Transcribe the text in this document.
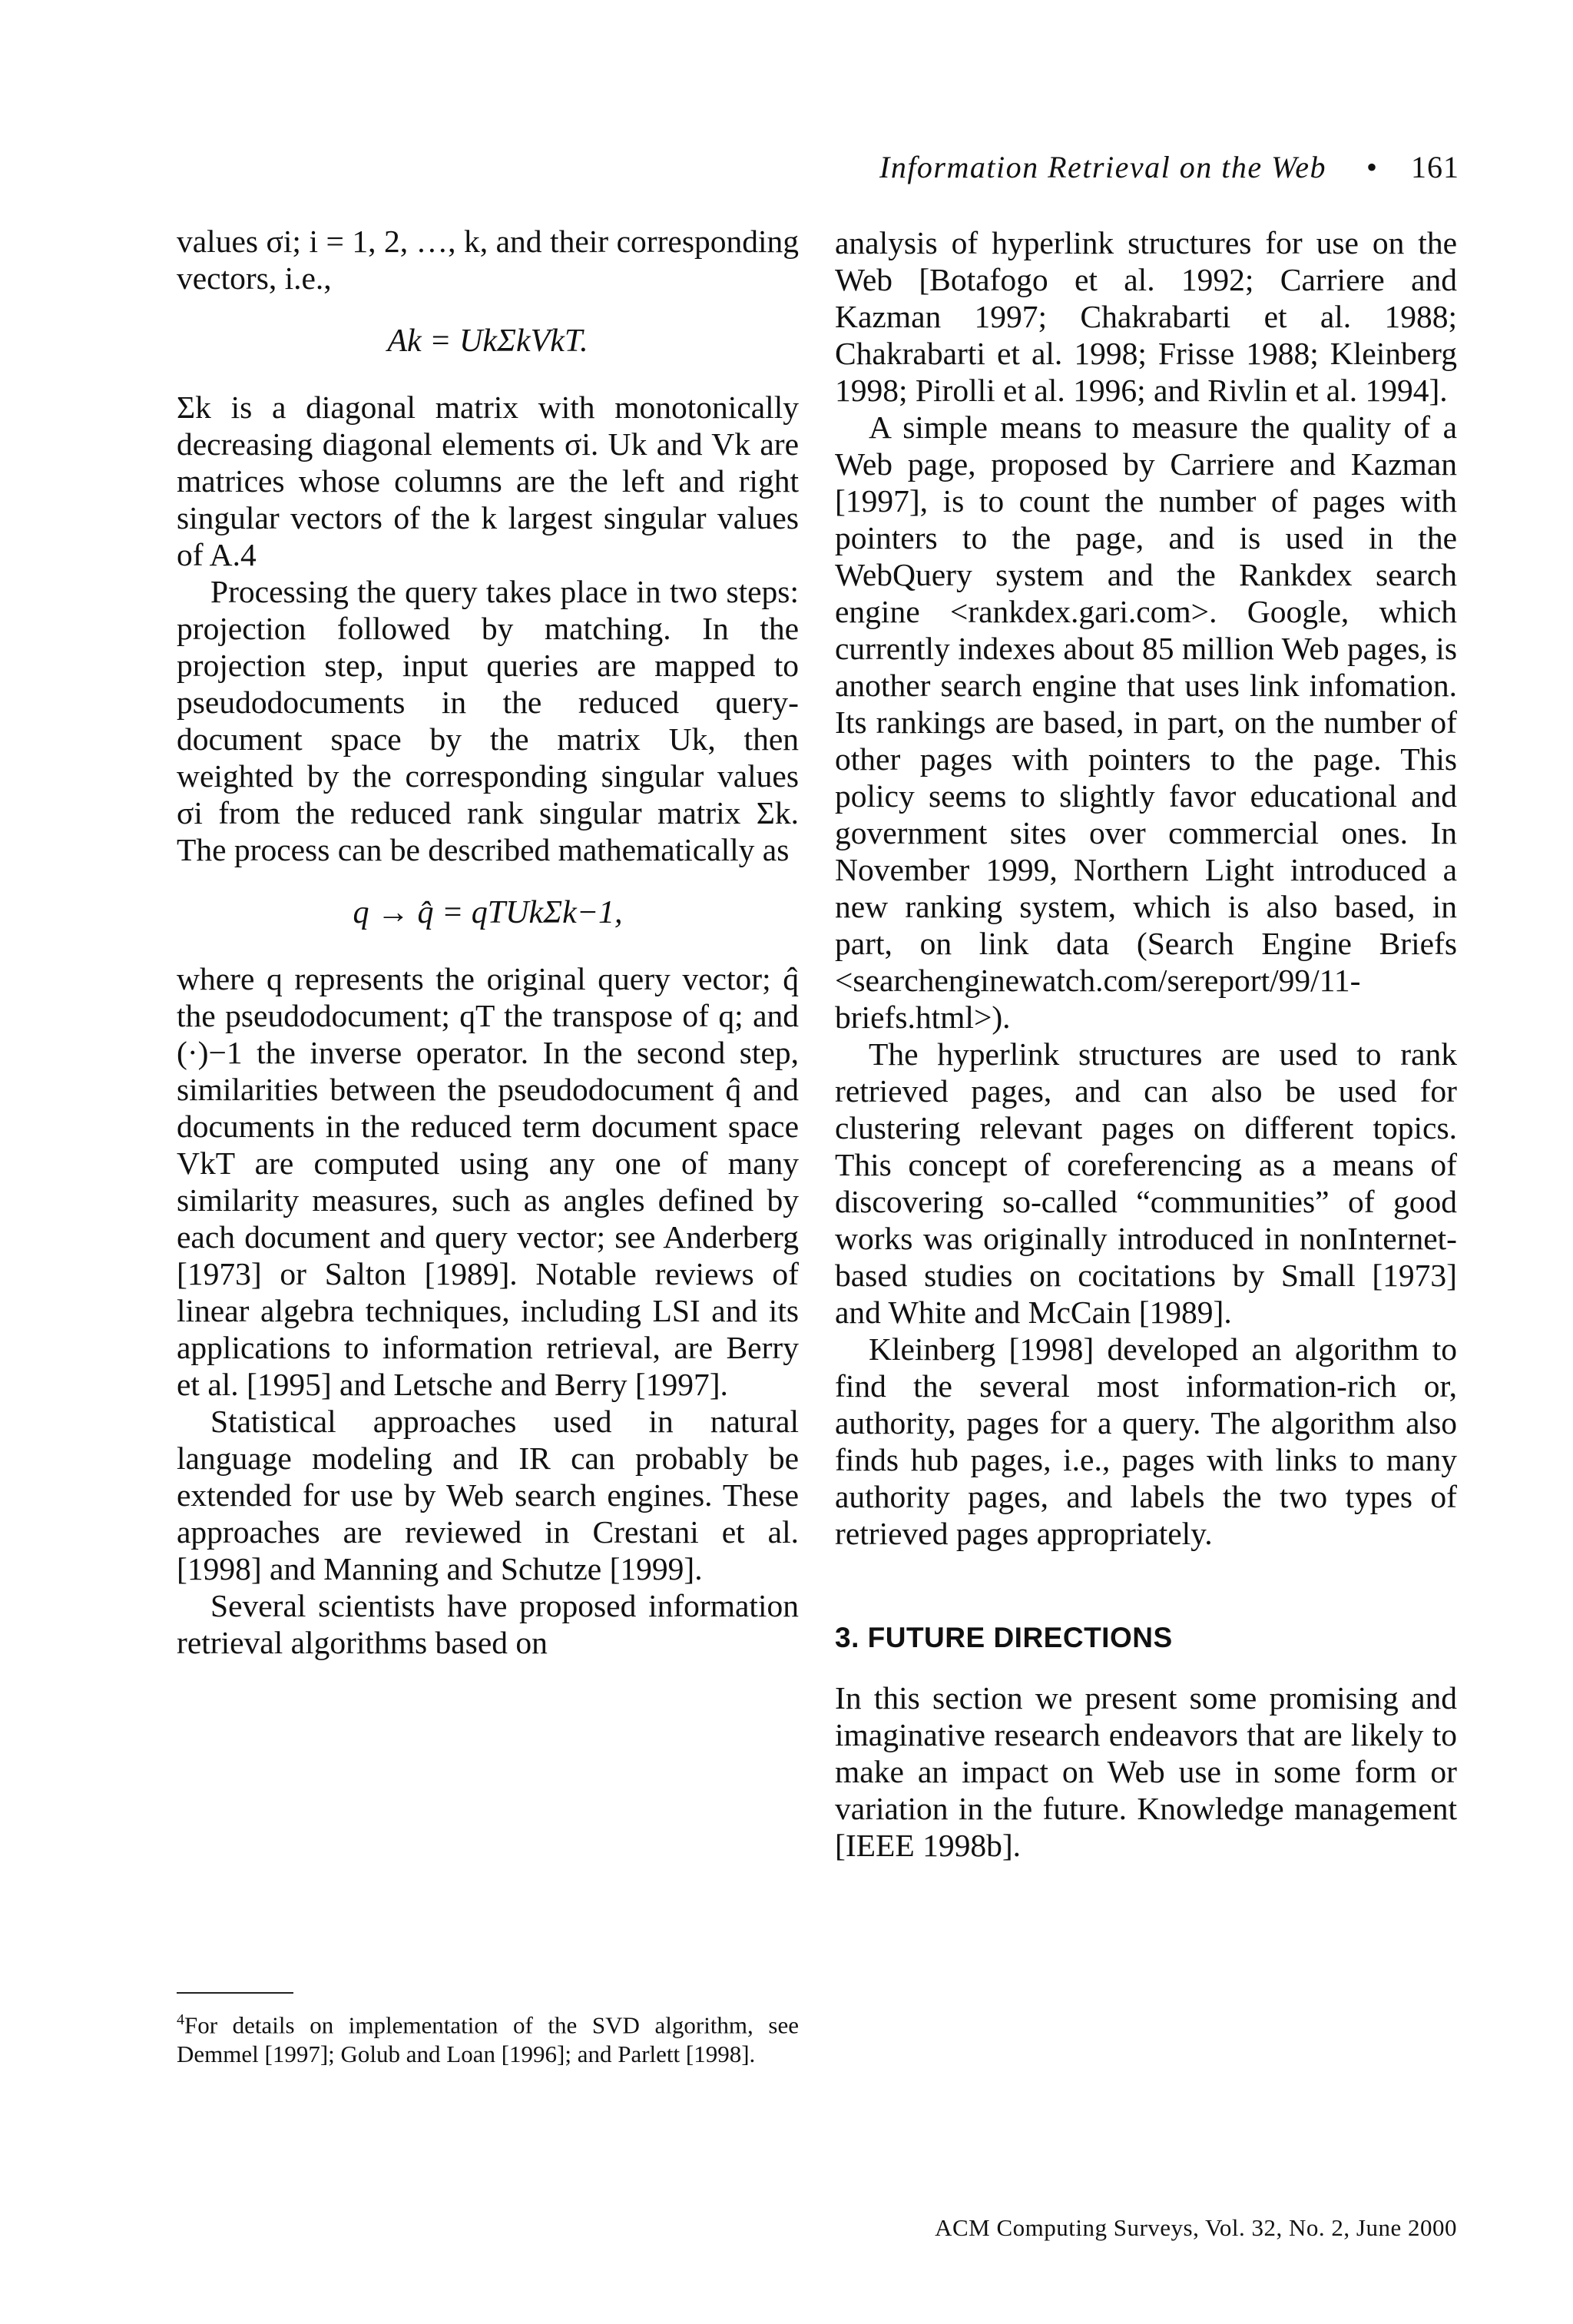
Information Retrieval on the Web • 161

values σi; i = 1, 2, …, k, and their corresponding vectors, i.e.,

Ak = UkΣkVkT.

Σk is a diagonal matrix with monotonically decreasing diagonal elements σi. Uk and Vk are matrices whose columns are the left and right singular vectors of the k largest singular values of A.4

Processing the query takes place in two steps: projection followed by matching. In the projection step, input queries are mapped to pseudodocuments in the reduced query-document space by the matrix Uk, then weighted by the corresponding singular values σi from the reduced rank singular matrix Σk. The process can be described mathematically as

q → q̂ = qTUkΣk−1,

where q represents the original query vector; q̂ the pseudodocument; qT the transpose of q; and (·)−1 the inverse operator. In the second step, similarities between the pseudodocument q̂ and documents in the reduced term document space VkT are computed using any one of many similarity measures, such as angles defined by each document and query vector; see Anderberg [1973] or Salton [1989]. Notable reviews of linear algebra techniques, including LSI and its applications to information retrieval, are Berry et al. [1995] and Letsche and Berry [1997].

Statistical approaches used in natural language modeling and IR can probably be extended for use by Web search engines. These approaches are reviewed in Crestani et al. [1998] and Manning and Schutze [1999].

Several scientists have proposed information retrieval algorithms based on

analysis of hyperlink structures for use on the Web [Botafogo et al. 1992; Carriere and Kazman 1997; Chakrabarti et al. 1988; Chakrabarti et al. 1998; Frisse 1988; Kleinberg 1998; Pirolli et al. 1996; and Rivlin et al. 1994].

A simple means to measure the quality of a Web page, proposed by Carriere and Kazman [1997], is to count the number of pages with pointers to the page, and is used in the WebQuery system and the Rankdex search engine <rankdex.gari.com>. Google, which currently indexes about 85 million Web pages, is another search engine that uses link infomation. Its rankings are based, in part, on the number of other pages with pointers to the page. This policy seems to slightly favor educational and government sites over commercial ones. In November 1999, Northern Light introduced a new ranking system, which is also based, in part, on link data (Search Engine Briefs <searchenginewatch.com/sereport/99/11-briefs.html>).

The hyperlink structures are used to rank retrieved pages, and can also be used for clustering relevant pages on different topics. This concept of coreferencing as a means of discovering so-called “communities” of good works was originally introduced in nonInternet-based studies on cocitations by Small [1973] and White and McCain [1989].

Kleinberg [1998] developed an algorithm to find the several most information-rich or, authority, pages for a query. The algorithm also finds hub pages, i.e., pages with links to many authority pages, and labels the two types of retrieved pages appropriately.

3. FUTURE DIRECTIONS

In this section we present some promising and imaginative research endeavors that are likely to make an impact on Web use in some form or variation in the future. Knowledge management [IEEE 1998b].

$^4$For details on implementation of the SVD algorithm, see Demmel [1997]; Golub and Loan [1996]; and Parlett [1998].
ACM Computing Surveys, Vol. 32, No. 2, June 2000
